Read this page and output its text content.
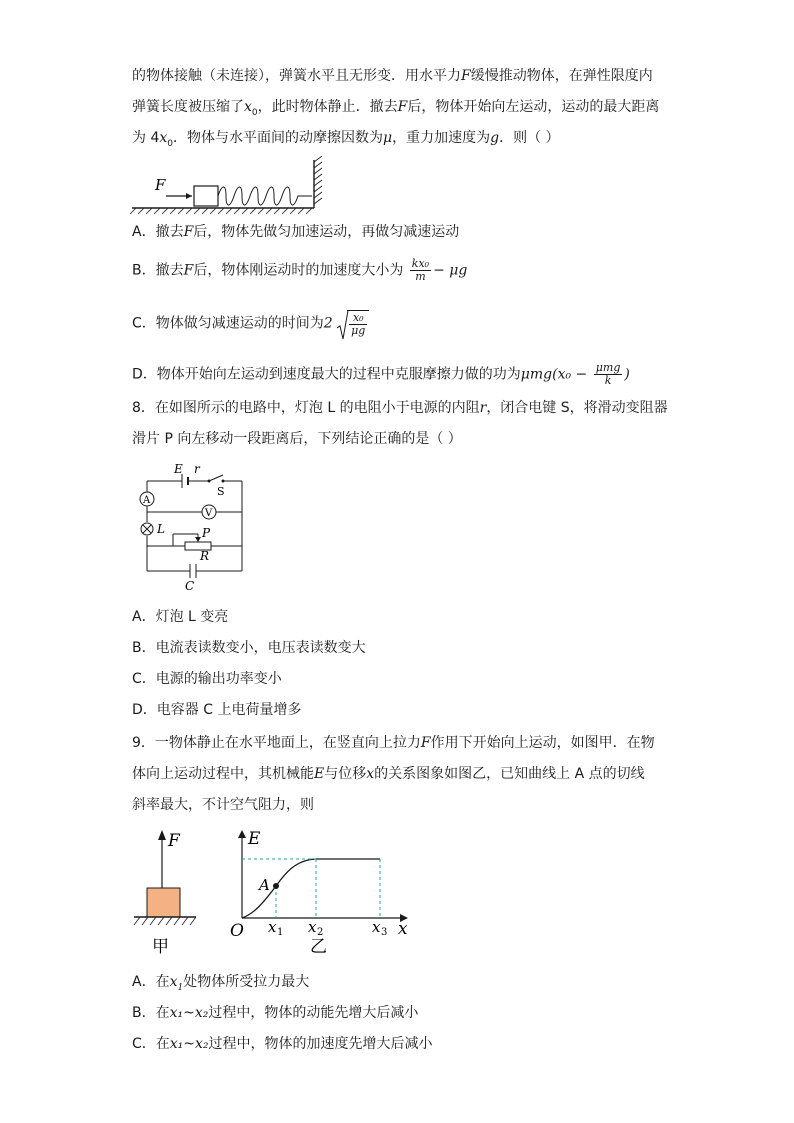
的物体接触（未连接），弹簧水平且无形变．用水平力F缓慢推动物体，在弹性限度内
弹簧长度被压缩了$x_0$，此时物体静止．撤去F后，物体开始向左运动，运动的最大距离
为 $4x_0$．物体与水平面间的动摩擦因数为μ，重力加速度为g．则（ ）
F
A．撤去F后，物体先做匀加速运动，再做匀减速运动
B．撤去F后，物体刚运动时的加速度大小为 $\frac{\text{kx₀}}{m} - \mu g$
C．物体做匀减速运动的时间为$2 \frac{\text{x₀}}{\mu g}$
D．物体开始向左运动到速度最大的过程中克服摩擦力做的功为$\mu mg(x_0 - \frac{\text{μmg}}{k}$ )
8．在如图所示的电路中，灯泡 L 的电阻小于电源的内阻r，闭合电键 S，将滑动变阻器
滑片 P 向左移动一段距离后，下列结论正确的是（ ）
E r
S
A
V
L	P
R
C
A．灯泡 L 变亮
B．电流表读数变小，电压表读数变大
C．电源的输出功率变小
D．电容器 C 上电荷量增多
9．一物体静止在水平地面上，在竖直向上拉力F作用下开始向上运动，如图甲．在物
体向上运动过程中，其机械能E与位移x的关系图象如图乙，已知曲线上 A 点的切线
斜率最大，不计空气阻力，则
F
甲
E
O	x
A
x 1 x 2	x 3
乙
A．在$x_1$处物体所受拉力最大
B．在x₁~x₂过程中，物体的动能先增大后减小
C．在x₁~x₂过程中，物体的加速度先增大后减小
